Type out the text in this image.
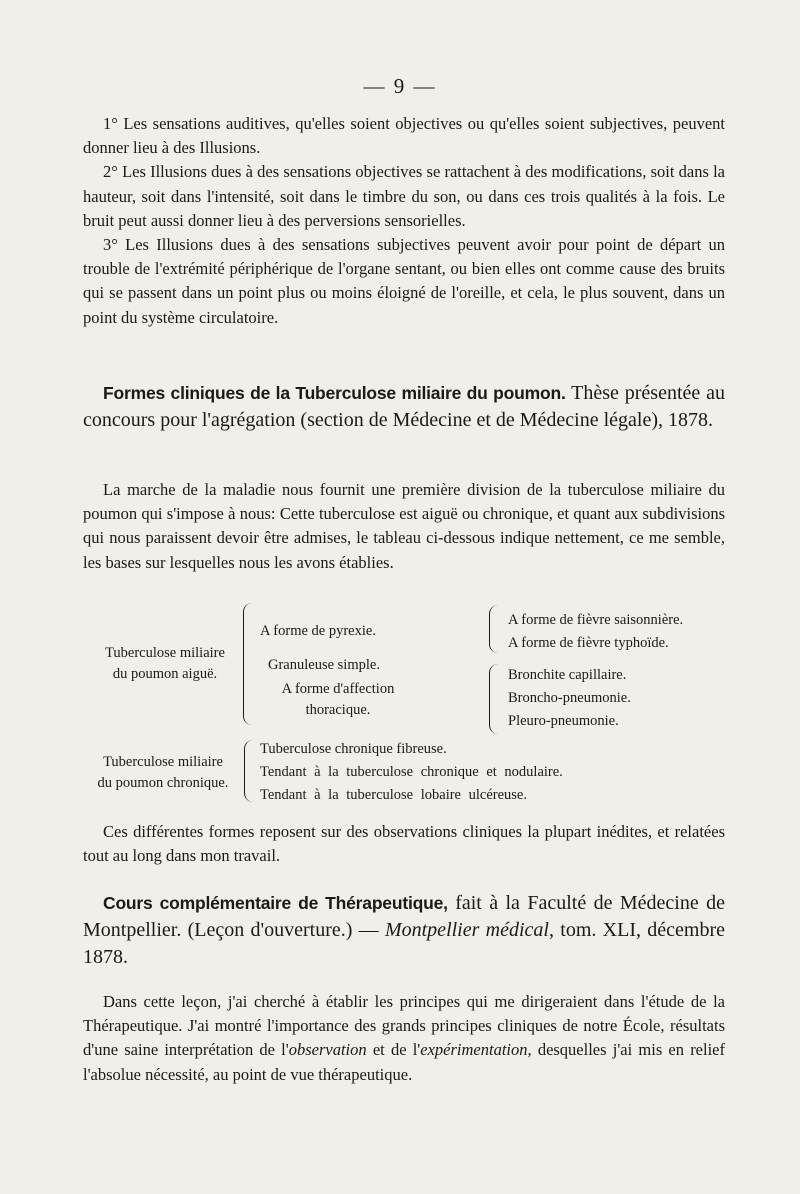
— 9 —

1° Les sensations auditives, qu'elles soient objectives ou qu'elles soient subjectives, peuvent donner lieu à des Illusions.

2° Les Illusions dues à des sensations objectives se rattachent à des modifications, soit dans la hauteur, soit dans l'intensité, soit dans le timbre du son, ou dans ces trois qualités à la fois. Le bruit peut aussi donner lieu à des perversions sensorielles.

3° Les Illusions dues à des sensations subjectives peuvent avoir pour point de départ un trouble de l'extrémité périphérique de l'organe sentant, ou bien elles ont comme cause des bruits qui se passent dans un point plus ou moins éloigné de l'oreille, et cela, le plus souvent, dans un point du système circulatoire.

Formes cliniques de la Tuberculose miliaire du poumon. Thèse présentée au concours pour l'agrégation (section de Médecine et de Médecine légale), 1878.

La marche de la maladie nous fournit une première division de la tuberculose miliaire du poumon qui s'impose à nous: Cette tuberculose est aiguë ou chronique, et quant aux subdivisions qui nous paraissent devoir être admises, le tableau ci-dessous indique nettement, ce me semble, les bases sur lesquelles nous les avons établies.

Tuberculose miliaire
du poumon aiguë.
A forme de pyrexie.
Granuleuse simple.
A forme d'affection
thoracique.
A forme de fièvre saisonnière.
A forme de fièvre typhoïde.
Bronchite capillaire.
Broncho-pneumonie.
Pleuro-pneumonie.
Tuberculose miliaire
du poumon chronique.
Tuberculose chronique fibreuse.
Tendant à la tuberculose chronique et nodulaire.
Tendant à la tuberculose lobaire ulcéreuse.

Ces différentes formes reposent sur des observations cliniques la plupart inédites, et relatées tout au long dans mon travail.

Cours complémentaire de Thérapeutique, fait à la Faculté de Médecine de Montpellier. (Leçon d'ouverture.) — Montpellier médical, tom. XLI, décembre 1878.

Dans cette leçon, j'ai cherché à établir les principes qui me dirigeraient dans l'étude de la Thérapeutique. J'ai montré l'importance des grands principes cliniques de notre École, résultats d'une saine interprétation de l'observation et de l'expérimentation, desquelles j'ai mis en relief l'absolue nécessité, au point de vue thérapeutique.
